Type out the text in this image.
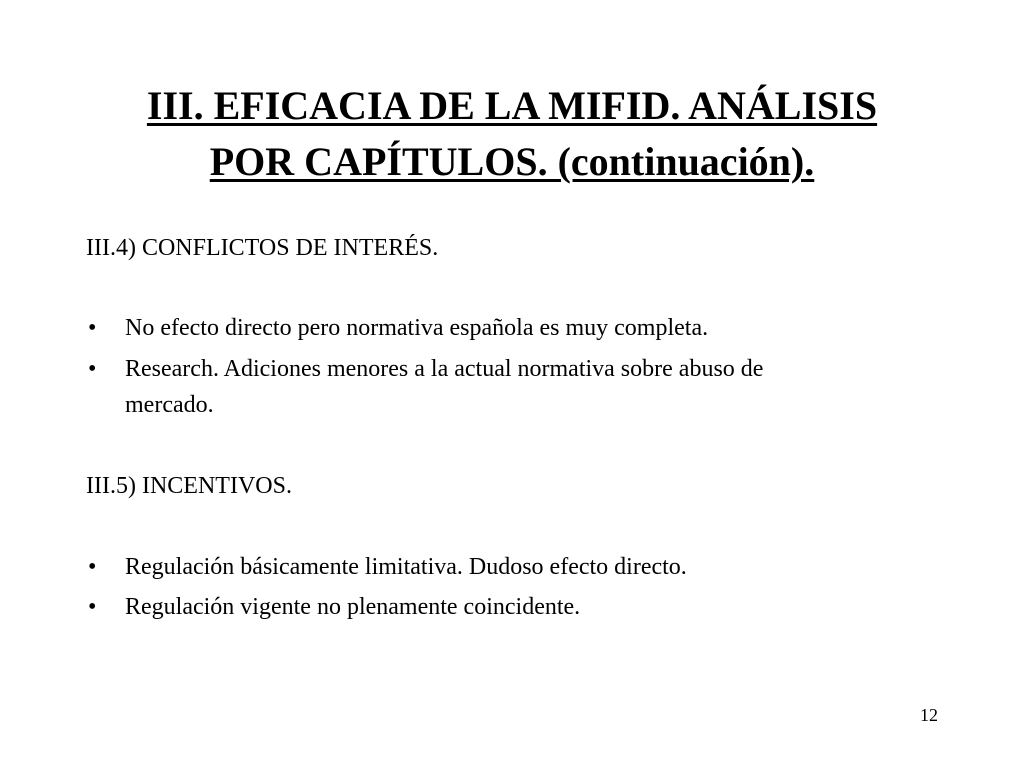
III. EFICACIA DE LA MIFID. ANÁLISIS
POR CAPÍTULOS. (continuación).

III.4) CONFLICTOS DE INTERÉS.

• No efecto directo pero normativa española es muy completa.

• Research. Adiciones menores a la actual normativa sobre abuso de

mercado.

III.5) INCENTIVOS.

• Regulación básicamente limitativa. Dudoso efecto directo.

• Regulación vigente no plenamente coincidente.

12
